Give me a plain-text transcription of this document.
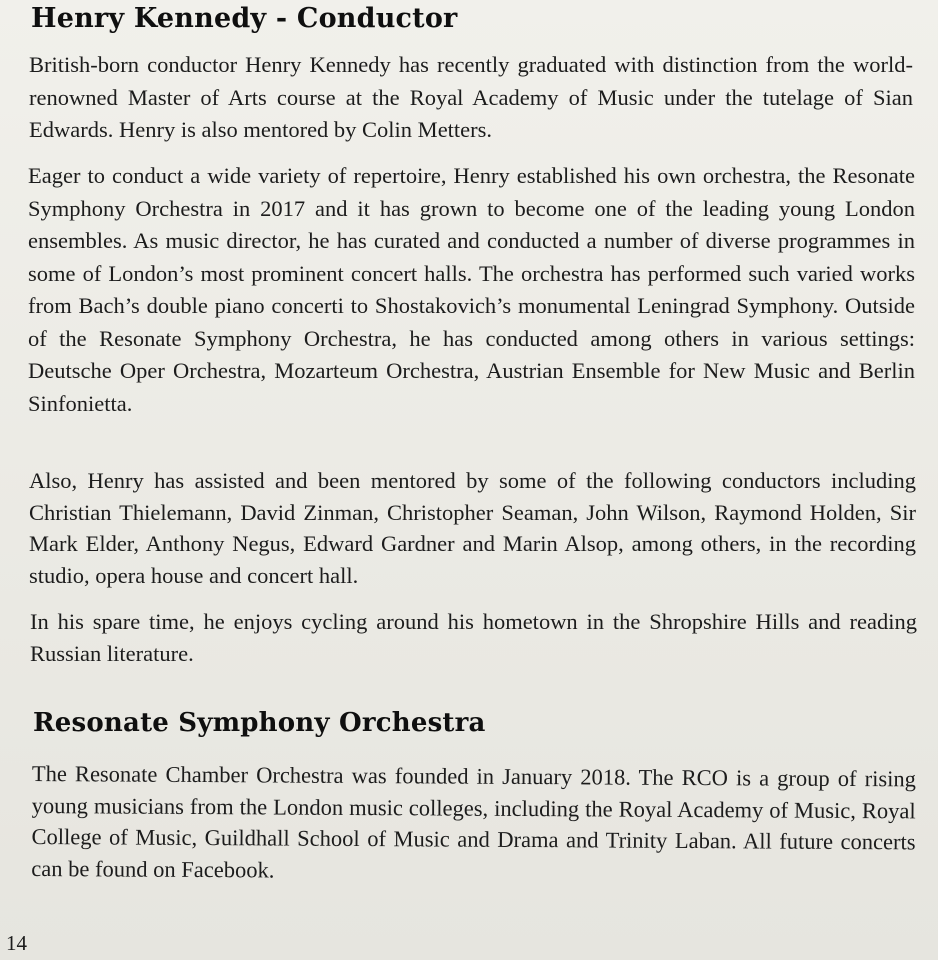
Henry Kennedy - Conductor

British-born conductor Henry Kennedy has recently graduated with distinction from the world-renowned Master of Arts course at the Royal Academy of Music under the tutelage of Sian Edwards. Henry is also mentored by Colin Metters.

Eager to conduct a wide variety of repertoire, Henry established his own orchestra, the Resonate Symphony Orchestra in 2017 and it has grown to become one of the leading young London ensembles. As music director, he has curated and conducted a number of diverse programmes in some of London’s most prominent concert halls. The orchestra has performed such varied works from Bach’s double piano concerti to Shostakovich’s monumental Leningrad Symphony. Outside of the Resonate Symphony Orchestra, he has conducted among others in various settings: Deutsche Oper Orchestra, Mozarteum Orchestra, Austrian Ensemble for New Music and Berlin Sinfonietta.

Also, Henry has assisted and been mentored by some of the following conductors including Christian Thielemann, David Zinman, Christopher Seaman, John Wilson, Raymond Holden, Sir Mark Elder, Anthony Negus, Edward Gardner and Marin Alsop, among others, in the recording studio, opera house and concert hall.

In his spare time, he enjoys cycling around his hometown in the Shropshire Hills and reading Russian literature.

Resonate Symphony Orchestra

The Resonate Chamber Orchestra was founded in January 2018. The RCO is a group of rising young musicians from the London music colleges, including the Royal Academy of Music, Royal College of Music, Guildhall School of Music and Drama and Trinity Laban. All future concerts can be found on Facebook.

14
